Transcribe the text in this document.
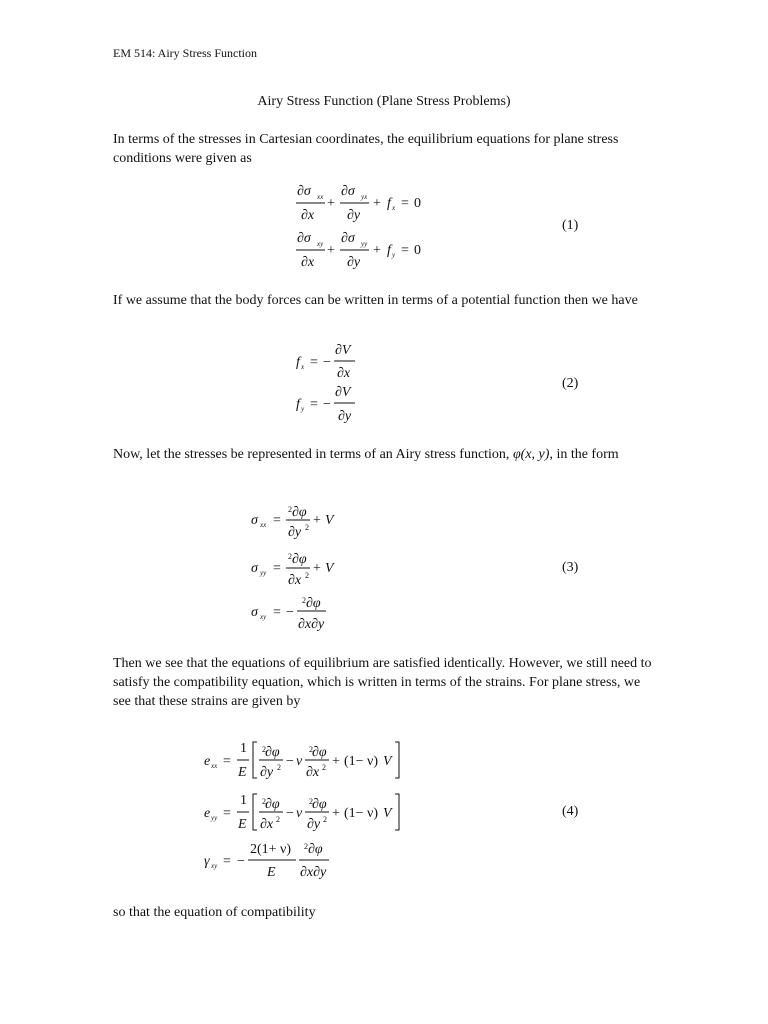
EM 514: Airy Stress Function
Airy Stress Function (Plane Stress Problems)

In terms of the stresses in Cartesian coordinates, the equilibrium equations for plane stress conditions were given as

If we assume that the body forces can be written in terms of a potential function then we have

Now, let the stresses be represented in terms of an Airy stress function, φ(x, y), in the form

Then we see that the equations of equilibrium are satisfied identically. However, we still need to satisfy the compatibility equation, which is written in terms of the strains. For plane stress, we see that these strains are given by

so that the equation of compatibility

(1)
(2)
(3)
(4)
∂σ xx
∂x
+
∂σ yx
∂y
+ f x = 0
∂σ xy
∂x
+
∂σ yy
∂y
+ f y = 0
f x = −
∂V
∂x
f y = −
∂V
∂y
σ xx =
2 ∂φ
∂y 2 + V
σ yy =
2 ∂φ
∂x 2 + V
σ xy = −
2 ∂φ
∂x∂y
e xx =
1
E
2 ∂φ
∂y 2 − ν
2 ∂φ
∂x 2 + (1− ν) V
e yy =
1
E
2 ∂φ
∂x 2 − ν
2 ∂φ
∂y 2 + (1− ν) V
γ xy = −
2(1+ ν)
E
2 ∂φ
∂x∂y
